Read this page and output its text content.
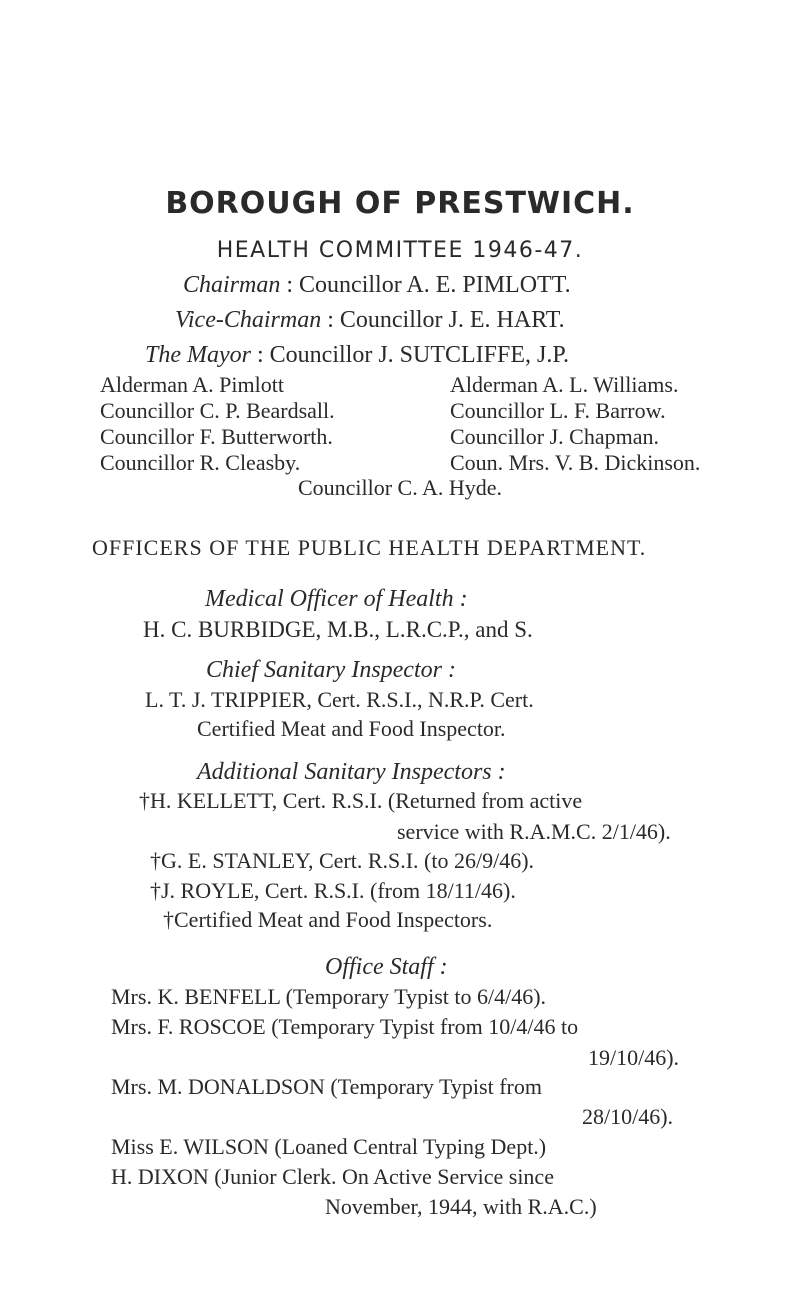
BOROUGH OF PRESTWICH.
HEALTH COMMITTEE 1946-47.
Chairman : Councillor A. E. PIMLOTT.
Vice-Chairman : Councillor J. E. HART.
The Mayor : Councillor J. SUTCLIFFE, J.P.
Alderman A. Pimlott
Councillor C. P. Beardsall.
Councillor F. Butterworth.
Councillor R. Cleasby.
Alderman A. L. Williams.
Councillor L. F. Barrow.
Councillor J. Chapman.
Coun. Mrs. V. B. Dickinson.
Councillor C. A. Hyde.
OFFICERS OF THE PUBLIC HEALTH DEPARTMENT.
Medical Officer of Health :
H. C. BURBIDGE, M.B., L.R.C.P., and S.
Chief Sanitary Inspector :
L. T. J. TRIPPIER, Cert. R.S.I., N.R.P. Cert.
Certified Meat and Food Inspector.
Additional Sanitary Inspectors :
†H. KELLETT, Cert. R.S.I. (Returned from active
service with R.A.M.C. 2/1/46).
†G. E. STANLEY, Cert. R.S.I. (to 26/9/46).
†J. ROYLE, Cert. R.S.I. (from 18/11/46).
†Certified Meat and Food Inspectors.
Office Staff :
Mrs. K. BENFELL (Temporary Typist to 6/4/46).
Mrs. F. ROSCOE (Temporary Typist from 10/4/46 to
19/10/46).
Mrs. M. DONALDSON (Temporary Typist from
28/10/46).
Miss E. WILSON (Loaned Central Typing Dept.)
H. DIXON (Junior Clerk. On Active Service since
November, 1944, with R.A.C.)
